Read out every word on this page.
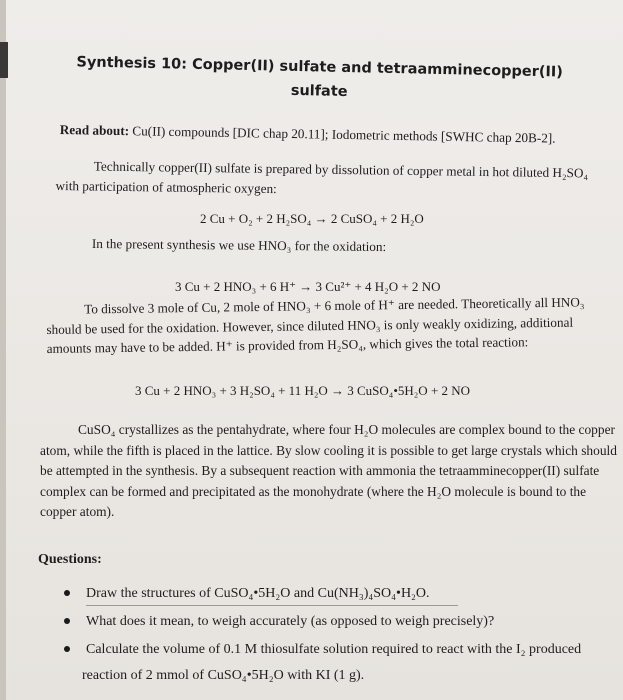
Synthesis 10: Copper(II) sulfate and tetraamminecopper(II)
sulfate
Read about: Cu(II) compounds [DIC chap 20.11]; Iodometric methods [SWHC chap 20B-2].

Technically copper(II) sulfate is prepared by dissolution of copper metal in hot diluted H₂SO₄ with participation of atmospheric oxygen:

2 Cu + O₂ + 2 H₂SO₄ → 2 CuSO₄ + 2 H₂O

In the present synthesis we use HNO₃ for the oxidation:

3 Cu + 2 HNO₃ + 6 H⁺ → 3 Cu²⁺ + 4 H₂O + 2 NO

To dissolve 3 mole of Cu, 2 mole of HNO₃ + 6 mole of H⁺ are needed. Theoretically all HNO₃ should be used for the oxidation. However, since diluted HNO₃ is only weakly oxidizing, additional amounts may have to be added. H⁺ is provided from H₂SO₄, which gives the total reaction:

3 Cu + 2 HNO₃ + 3 H₂SO₄ + 11 H₂O → 3 CuSO₄•5H₂O + 2 NO

CuSO₄ crystallizes as the pentahydrate, where four H₂O molecules are complex bound to the copper atom, while the fifth is placed in the lattice. By slow cooling it is possible to get large crystals which should be attempted in the synthesis. By a subsequent reaction with ammonia the tetraamminecopper(II) sulfate complex can be formed and precipitated as the monohydrate (where the H₂O molecule is bound to the copper atom).

Questions:
Draw the structures of CuSO₄•5H₂O and Cu(NH₃)₄SO₄•H₂O.
What does it mean, to weigh accurately (as opposed to weigh precisely)?
Calculate the volume of 0.1 M thiosulfate solution required to react with the I₂ produced
reaction of 2 mmol of CuSO₄•5H₂O with KI (1 g).
